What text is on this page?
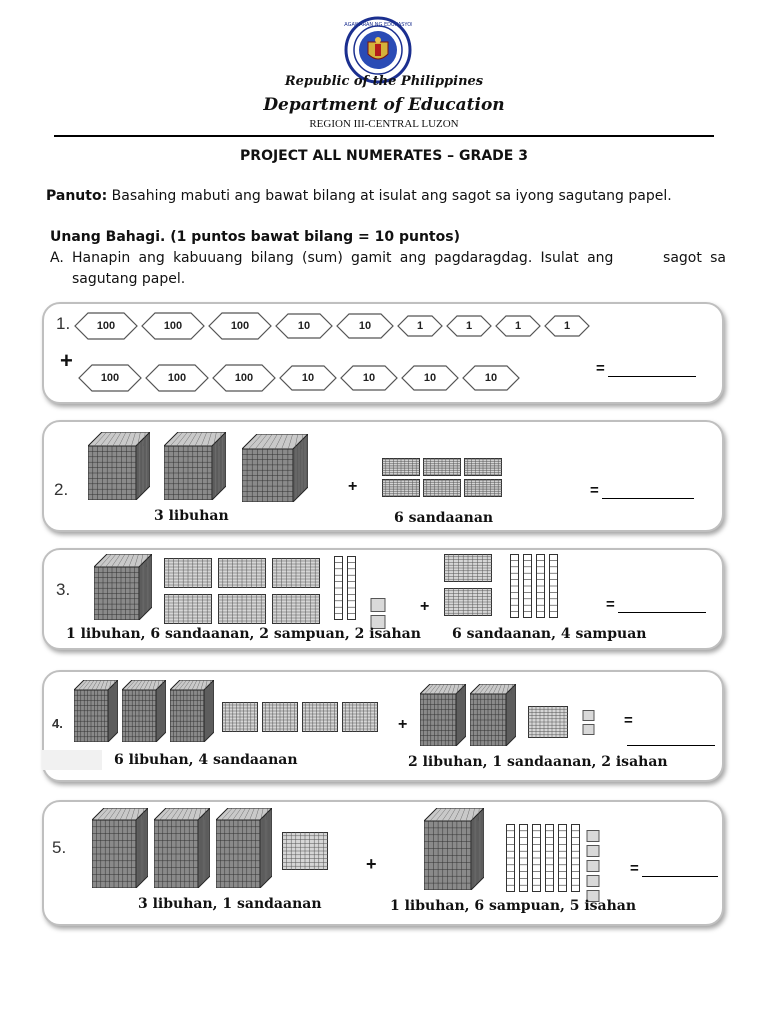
KAGAWARAN NG EDUKASYON
Republic of the Philippines
Department of Education
REGION III-CENTRAL LUZON
PROJECT ALL NUMERATES – GRADE 3
Panuto: Basahing mabuti ang bawat bilang at isulat ang sagot sa iyong sagutang papel.
Unang Bahagi. (1 puntos bawat bilang = 10 puntos)
A. Hanapin ang kabuuang bilang (sum) gamit ang pagdaragdag. Isulat ang      sagot sa
sagutang papel.
1.	100	100	100	10	10	1	1	1	1
100	100	100	10	10	10	10
+	=
2.	+
3 libuhan	6 sandaanan
=
3.
+
1 libuhan, 6 sandaanan, 2 sampuan, 2 isahan 6 sandaanan, 4 sampuan
=
4.	+
6 libuhan, 4 sandaanan	2 libuhan, 1 sandaanan, 2 isahan
=
5.
+
3 libuhan, 1 sandaanan	1 libuhan, 6 sampuan, 5 isahan
=
